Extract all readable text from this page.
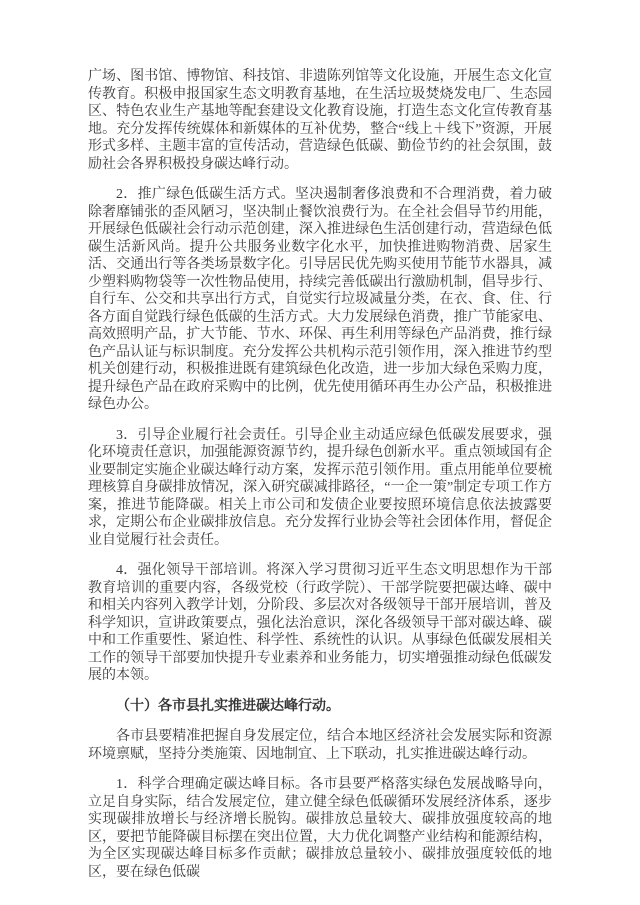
广场、图书馆、博物馆、科技馆、非遗陈列馆等文化设施，开展生态文化宣传教育。积极申报国家生态文明教育基地，在生活垃圾焚烧发电厂、生态园区、特色农业生产基地等配套建设文化教育设施，打造生态文化宣传教育基地。充分发挥传统媒体和新媒体的互补优势，整合“线上＋线下”资源，开展形式多样、主题丰富的宣传活动，营造绿色低碳、勤俭节约的社会氛围，鼓励社会各界积极投身碳达峰行动。

2．推广绿色低碳生活方式。坚决遏制奢侈浪费和不合理消费，着力破除奢靡铺张的歪风陋习，坚决制止餐饮浪费行为。在全社会倡导节约用能，开展绿色低碳社会行动示范创建，深入推进绿色生活创建行动，营造绿色低碳生活新风尚。提升公共服务业数字化水平，加快推进购物消费、居家生活、交通出行等各类场景数字化。引导居民优先购买使用节能节水器具，减少塑料购物袋等一次性物品使用，持续完善低碳出行激励机制，倡导步行、自行车、公交和共享出行方式，自觉实行垃圾减量分类，在衣、食、住、行各方面自觉践行绿色低碳的生活方式。大力发展绿色消费，推广节能家电、高效照明产品，扩大节能、节水、环保、再生利用等绿色产品消费，推行绿色产品认证与标识制度。充分发挥公共机构示范引领作用，深入推进节约型机关创建行动，积极推进既有建筑绿色化改造，进一步加大绿色采购力度，提升绿色产品在政府采购中的比例，优先使用循环再生办公产品，积极推进绿色办公。

3．引导企业履行社会责任。引导企业主动适应绿色低碳发展要求，强化环境责任意识，加强能源资源节约，提升绿色创新水平。重点领域国有企业要制定实施企业碳达峰行动方案，发挥示范引领作用。重点用能单位要梳理核算自身碳排放情况，深入研究碳减排路径，“一企一策”制定专项工作方案，推进节能降碳。相关上市公司和发债企业要按照环境信息依法披露要求，定期公布企业碳排放信息。充分发挥行业协会等社会团体作用，督促企业自觉履行社会责任。

4．强化领导干部培训。将深入学习贯彻习近平生态文明思想作为干部教育培训的重要内容，各级党校（行政学院）、干部学院要把碳达峰、碳中和相关内容列入教学计划，分阶段、多层次对各级领导干部开展培训，普及科学知识，宣讲政策要点，强化法治意识，深化各级领导干部对碳达峰、碳中和工作重要性、紧迫性、科学性、系统性的认识。从事绿色低碳发展相关工作的领导干部要加快提升专业素养和业务能力，切实增强推动绿色低碳发展的本领。

（十）各市县扎实推进碳达峰行动。

各市县要精准把握自身发展定位，结合本地区经济社会发展实际和资源环境禀赋，坚持分类施策、因地制宜、上下联动，扎实推进碳达峰行动。

1．科学合理确定碳达峰目标。各市县要严格落实绿色发展战略导向，立足自身实际，结合发展定位，建立健全绿色低碳循环发展经济体系，逐步实现碳排放增长与经济增长脱钩。碳排放总量较大、碳排放强度较高的地区，要把节能降碳目标摆在突出位置，大力优化调整产业结构和能源结构，为全区实现碳达峰目标多作贡献；碳排放总量较小、碳排放强度较低的地区，要在绿色低碳
